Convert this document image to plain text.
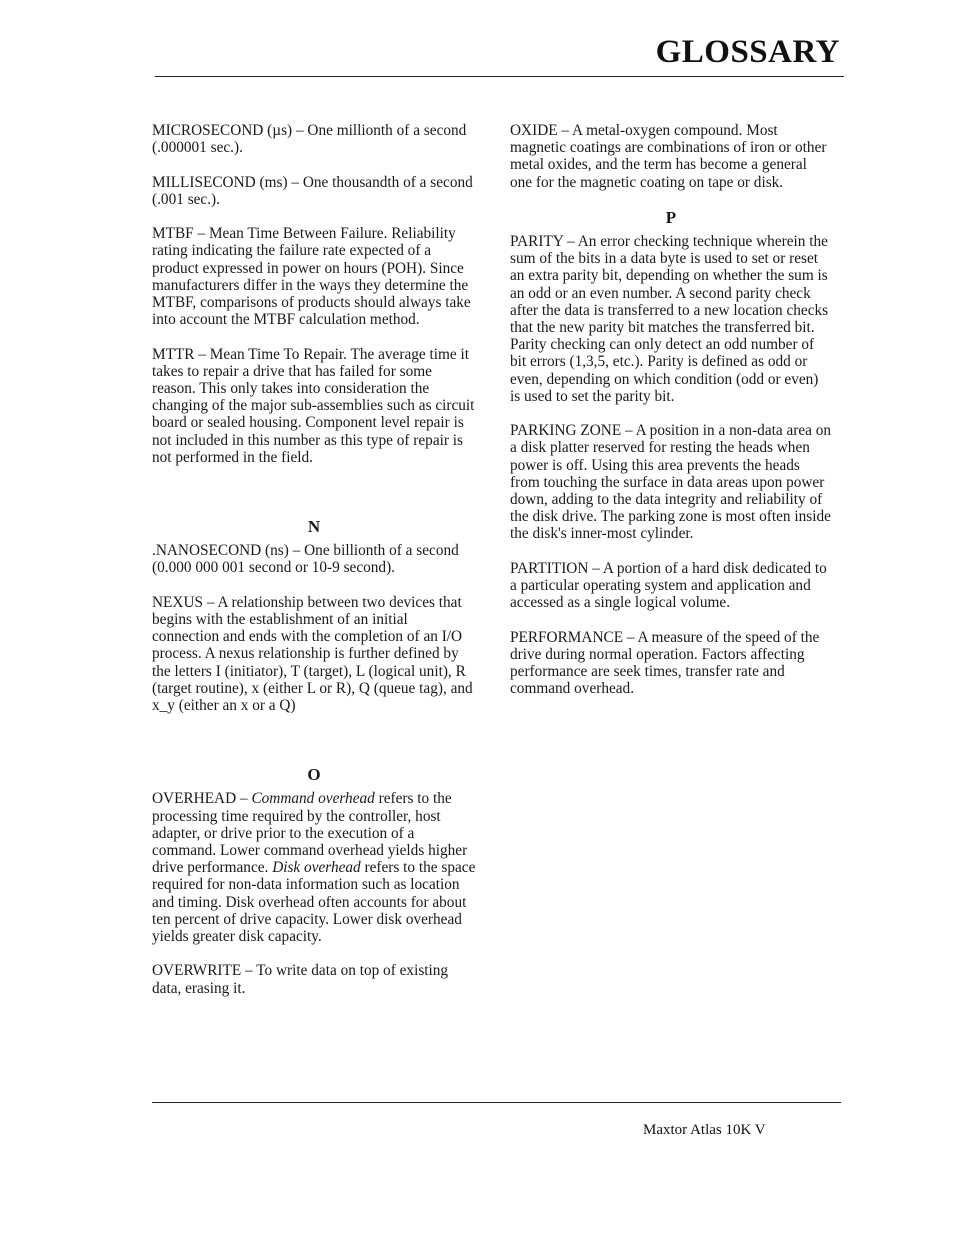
GLOSSARY

MICROSECOND (µs) – One millionth of a second (.000001 sec.).

MILLISECOND (ms) – One thousandth of a second (.001 sec.).

MTBF – Mean Time Between Failure. Reliability rating indicating the failure rate expected of a product expressed in power on hours (POH). Since manufacturers differ in the ways they determine the MTBF, comparisons of products should always take into account the MTBF calculation method.

MTTR – Mean Time To Repair. The average time it takes to repair a drive that has failed for some reason. This only takes into consideration the changing of the major sub-assemblies such as circuit board or sealed housing. Component level repair is not included in this number as this type of repair is not performed in the field.

N

.NANOSECOND (ns) – One billionth of a second (0.000 000 001 second or 10-9 second).

NEXUS – A relationship between two devices that begins with the establishment of an initial connection and ends with the completion of an I/O process. A nexus relationship is further defined by the letters I (initiator), T (target), L (logical unit), R (target routine), x (either L or R), Q (queue tag), and x_y (either an x or a Q)

O

OVERHEAD – Command overhead refers to the processing time required by the controller, host adapter, or drive prior to the execution of a command. Lower command overhead yields higher drive performance. Disk overhead refers to the space required for non-data information such as location and timing. Disk overhead often accounts for about ten percent of drive capacity. Lower disk overhead yields greater disk capacity.

OVERWRITE – To write data on top of existing data, erasing it.

OXIDE – A metal-oxygen compound. Most magnetic coatings are combinations of iron or other metal oxides, and the term has become a general one for the magnetic coating on tape or disk.

P

PARITY – An error checking technique wherein the sum of the bits in a data byte is used to set or reset an extra parity bit, depending on whether the sum is an odd or an even number. A second parity check after the data is transferred to a new location checks that the new parity bit matches the transferred bit. Parity checking can only detect an odd number of bit errors (1,3,5, etc.). Parity is defined as odd or even, depending on which condition (odd or even) is used to set the parity bit.

PARKING ZONE – A position in a non-data area on a disk platter reserved for resting the heads when power is off. Using this area prevents the heads from touching the surface in data areas upon power down, adding to the data integrity and reliability of the disk drive. The parking zone is most often inside the disk's inner-most cylinder.

PARTITION – A portion of a hard disk dedicated to a particular operating system and application and accessed as a single logical volume.

PERFORMANCE – A measure of the speed of the drive during normal operation. Factors affecting performance are seek times, transfer rate and command overhead.

Maxtor Atlas 10K V
